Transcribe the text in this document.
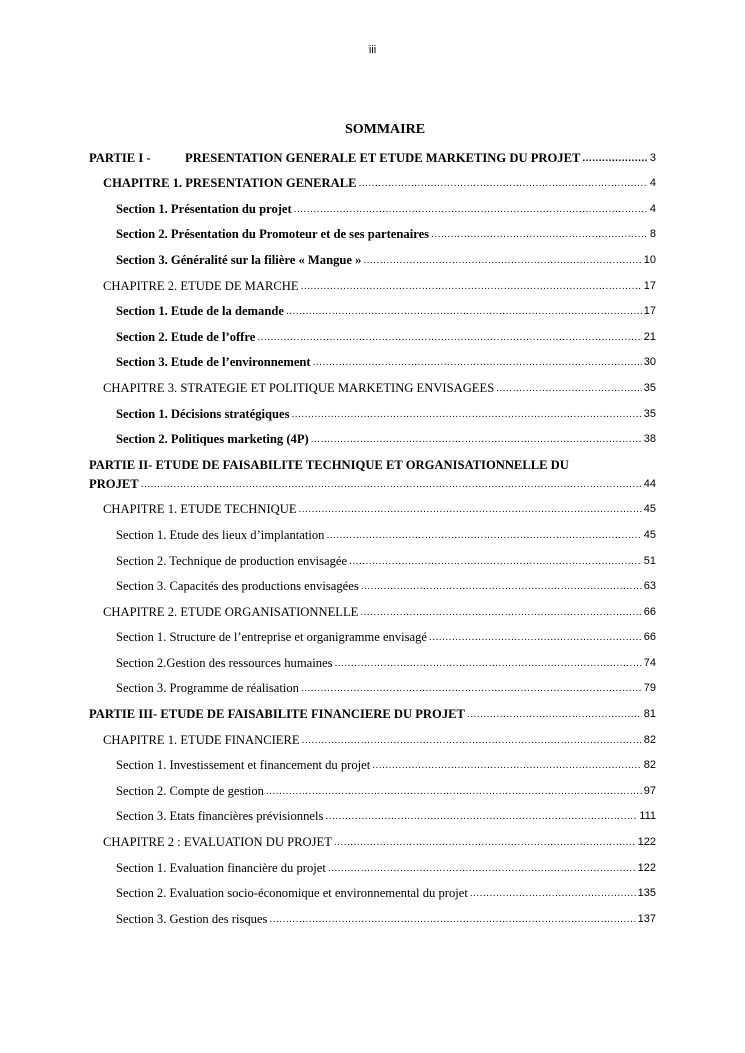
iii
SOMMAIRE
PARTIE I -	PRESENTATION GENERALE ET ETUDE MARKETING DU PROJET .....	3
CHAPITRE 1. PRESENTATION GENERALE .....	4
Section 1. Présentation du projet .....	4
Section 2. Présentation du Promoteur et de ses partenaires .....	8
Section 3. Généralité sur la filière « Mangue » .....	10
CHAPITRE 2. ETUDE DE MARCHE .....	17
Section 1. Etude de la demande .....	17
Section 2. Etude de l’offre .....	21
Section 3. Etude de l’environnement .....	30
CHAPITRE 3. STRATEGIE ET POLITIQUE MARKETING ENVISAGEES .....	35
Section 1. Décisions stratégiques .....	35
Section 2. Politiques marketing (4P) .....	38
PARTIE II- ETUDE DE FAISABILITE TECHNIQUE ET ORGANISATIONNELLE DU
PROJET .....	44
CHAPITRE 1. ETUDE TECHNIQUE .....	45
Section 1. Etude des lieux d’implantation .....	45
Section 2. Technique de production envisagée .....	51
Section 3. Capacités des productions envisagées .....	63
CHAPITRE 2. ETUDE ORGANISATIONNELLE .....	66
Section 1. Structure de l’entreprise et organigramme envisagé .....	66
Section 2.Gestion des ressources humaines .....	74
Section 3. Programme de réalisation .....	79
PARTIE III- ETUDE DE FAISABILITE FINANCIERE DU PROJET .....	81
CHAPITRE 1. ETUDE FINANCIERE .....	82
Section 1. Investissement et financement du projet .....	82
Section 2. Compte de gestion .....	97
Section 3. Etats financières prévisionnels .....	111
CHAPITRE 2 : EVALUATION DU PROJET .....	122
Section 1. Evaluation financière du projet .....	122
Section 2. Evaluation socio-économique et environnemental du projet .....	135
Section 3. Gestion des risques .....	137
